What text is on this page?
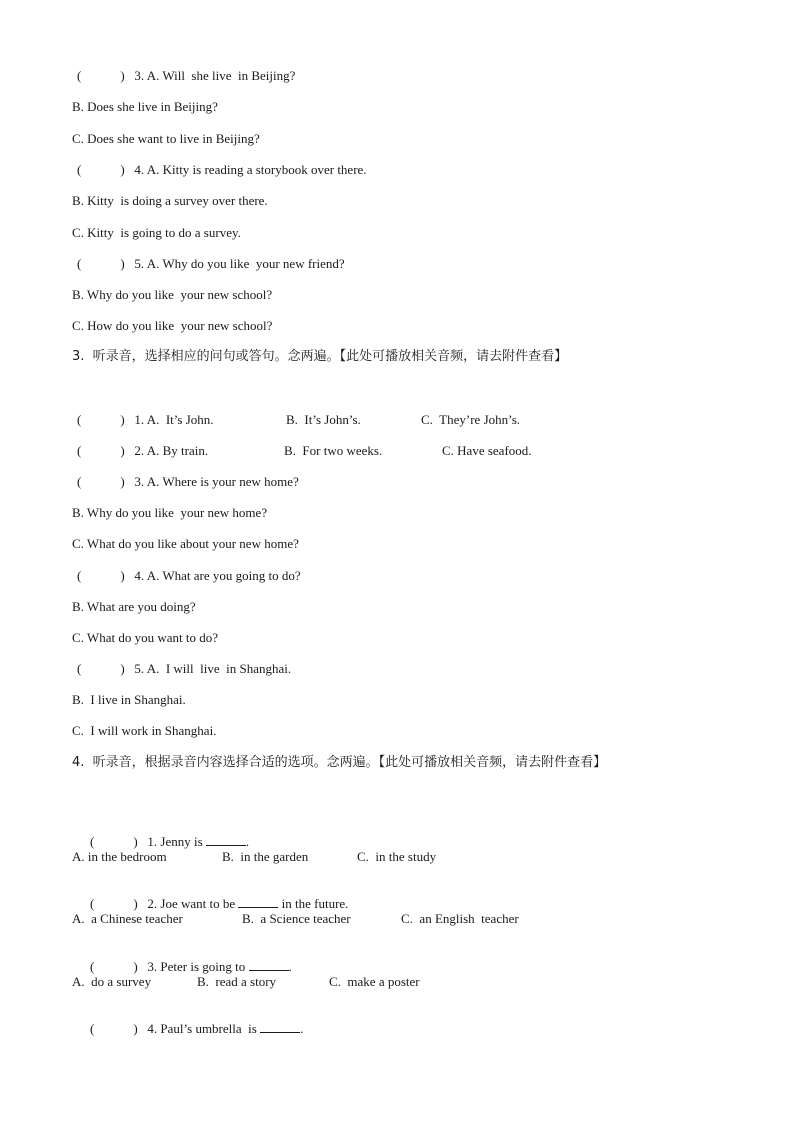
(            )   3. A. Will  she live  in Beijing?
B. Does she live in Beijing?
C. Does she want to live in Beijing?
(            )   4. A. Kitty is reading a storybook over there.
B. Kitty  is doing a survey over there.
C. Kitty  is going to do a survey.
(            )   5. A. Why do you like  your new friend?
B. Why do you like  your new school?
C. How do you like  your new school?
3.  听录音，选择相应的问句或答句。念两遍。【此处可播放相关音频，请去附件查看】
(            )   1. A.  It’s John.	B.  It’s John’s.	C.  They’re John’s.
(            )   2. A. By train.	B.  For two weeks.	C. Have seafood.
(            )   3. A. Where is your new home?
B. Why do you like  your new home?
C. What do you like about your new home?
(            )   4. A. What are you going to do?
B. What are you doing?
C. What do you want to do?
(            )   5. A.  I will  live  in Shanghai.
B.  I live in Shanghai.
C.  I will work in Shanghai.
4.  听录音，根据录音内容选择合适的选项。念两遍。【此处可播放相关音频，请去附件查看】

(            )   1. Jenny is	.

A. in the bedroom	B.  in the garden	C.  in the study

(            )   2. Joe want to be	in the future.

A.  a Chinese teacher	B.  a Science teacher	C.  an English  teacher

(            )   3. Peter is going to	.

A.  do a survey	B.  read a story	C.  make a poster

(            )   4. Paul’s umbrella  is	.
